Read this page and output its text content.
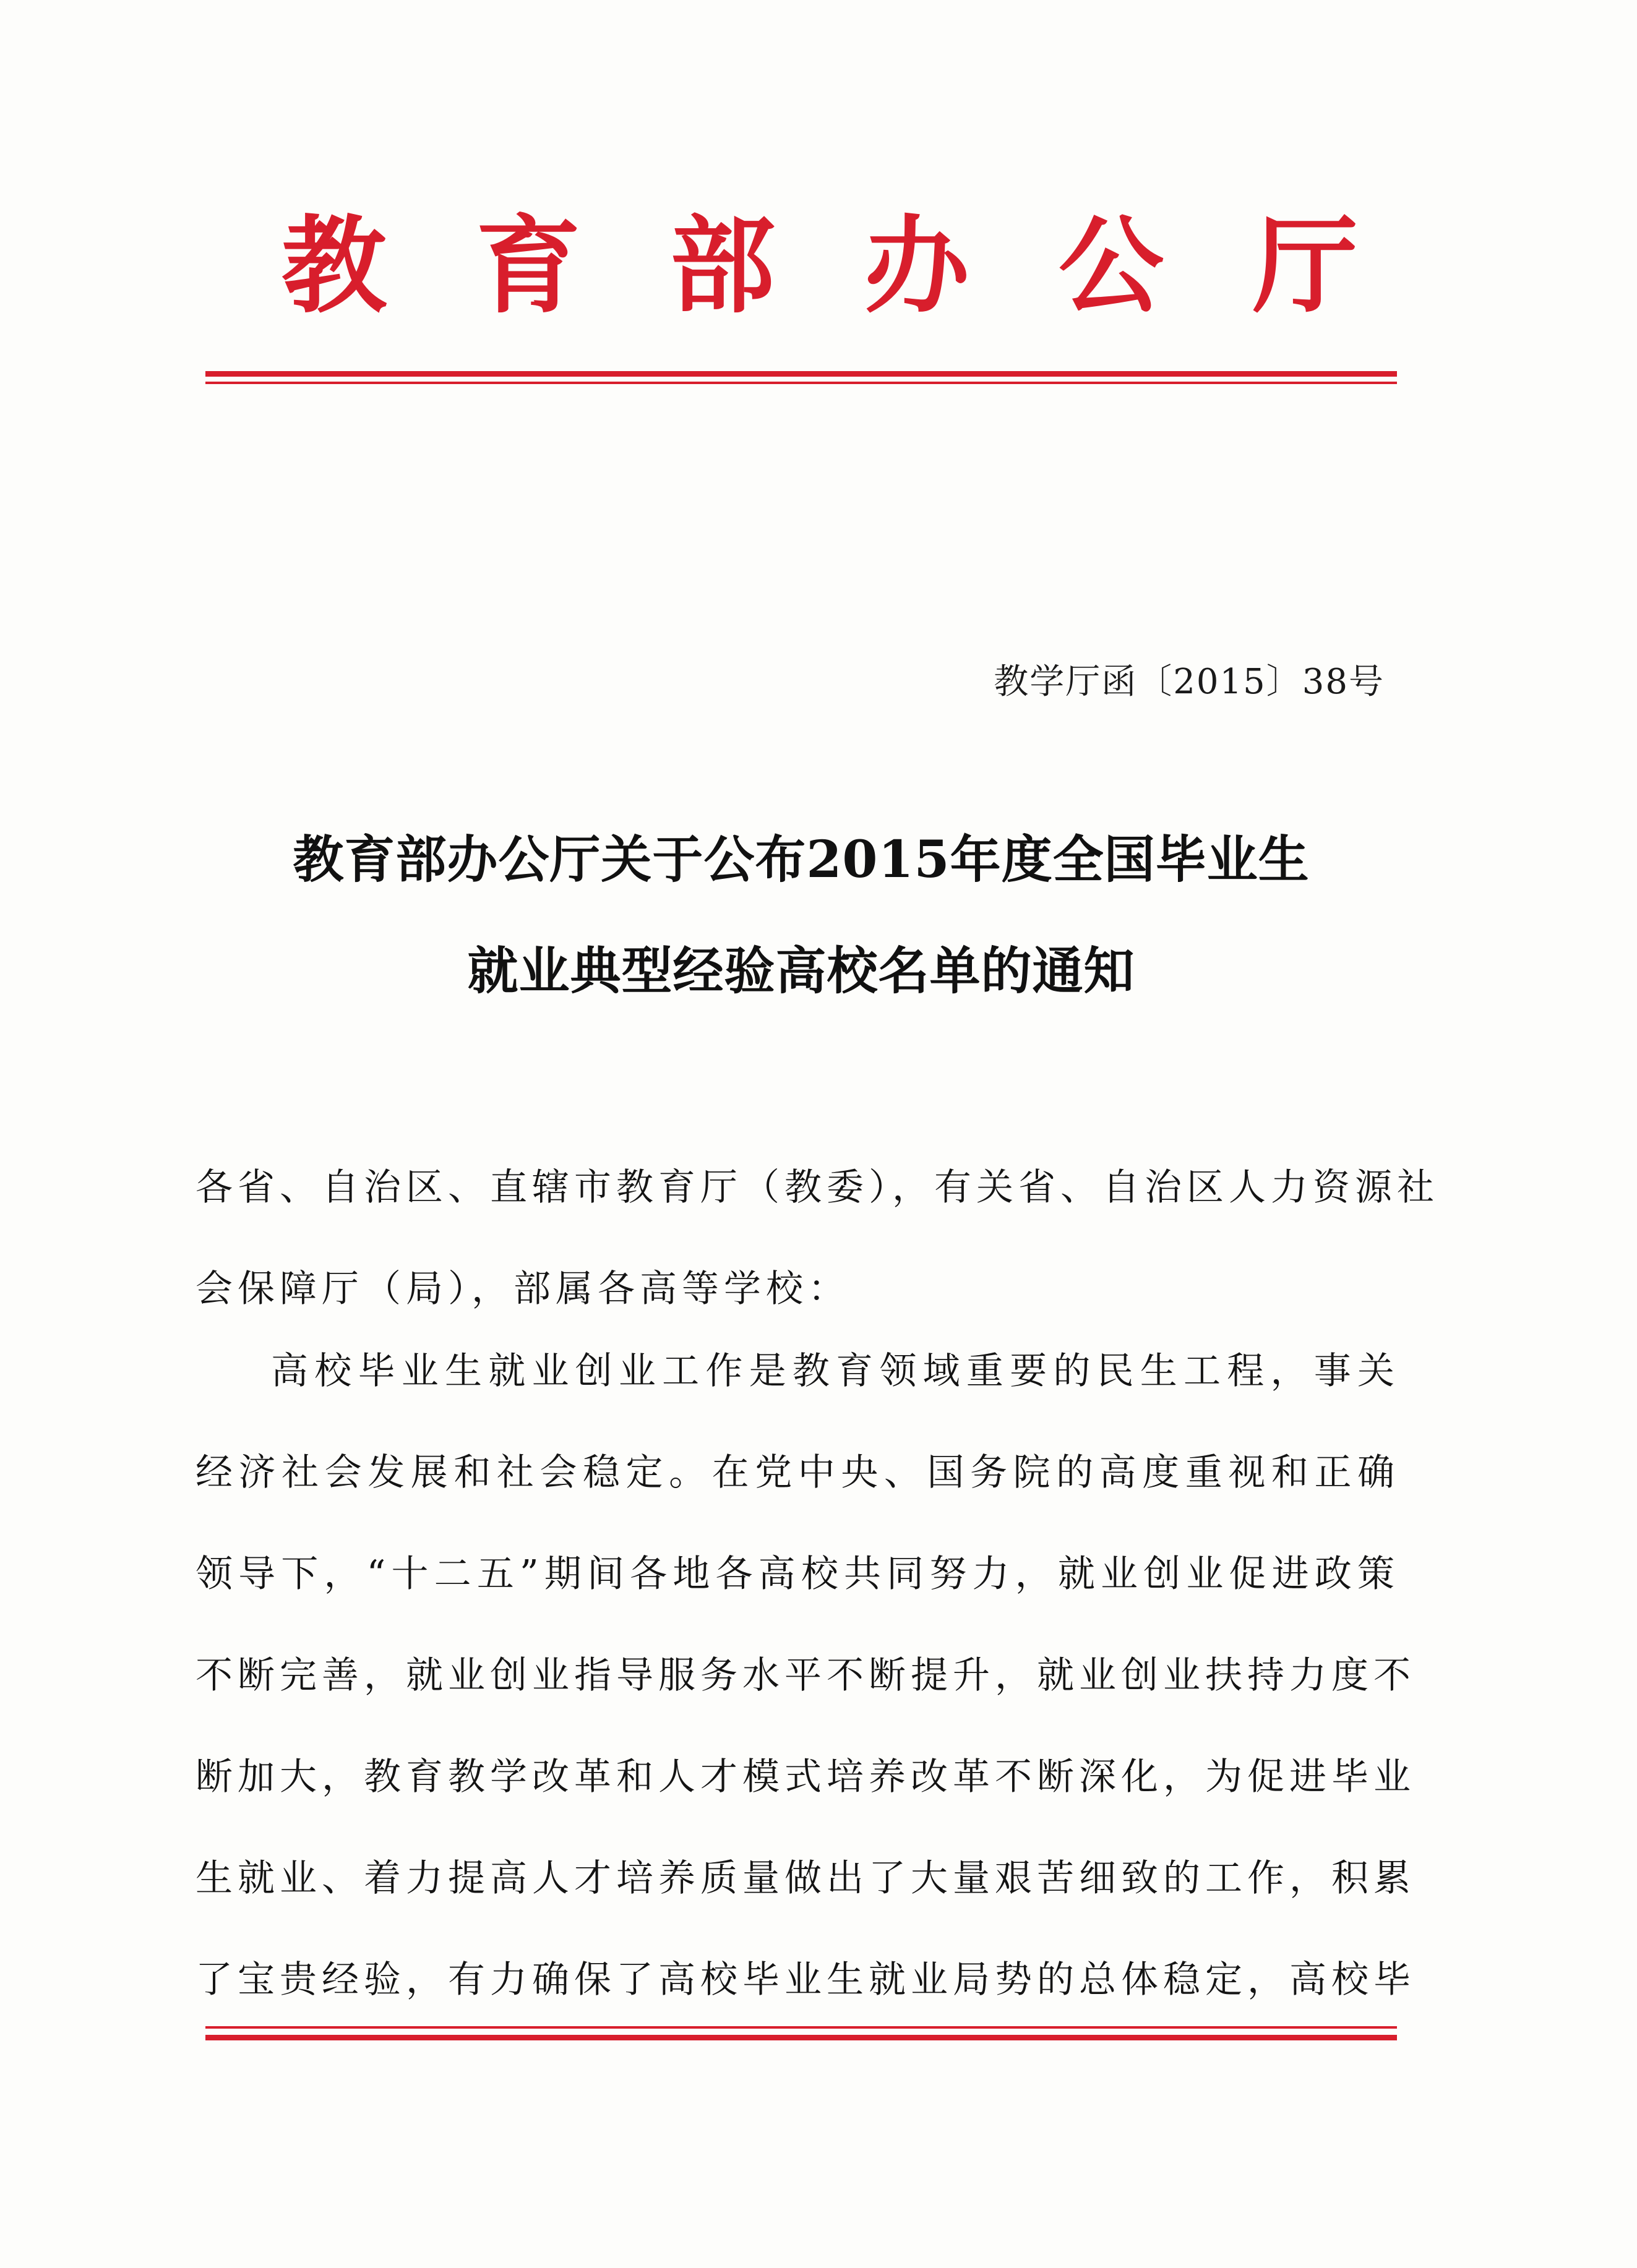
教 育 部 办 公 厅
教学厅函〔2015〕38号
教育部办公厅关于公布2015年度全国毕业生
就业典型经验高校名单的通知
各省、自治区、直辖市教育厅（教委），有关省、自治区人力资源社
会保障厅（局），部属各高等学校：
高校毕业生就业创业工作是教育领域重要的民生工程，事关
经济社会发展和社会稳定。在党中央、国务院的高度重视和正确
领导下，“十二五”期间各地各高校共同努力，就业创业促进政策
不断完善，就业创业指导服务水平不断提升，就业创业扶持力度不
断加大，教育教学改革和人才模式培养改革不断深化，为促进毕业
生就业、着力提高人才培养质量做出了大量艰苦细致的工作，积累
了宝贵经验，有力确保了高校毕业生就业局势的总体稳定，高校毕
